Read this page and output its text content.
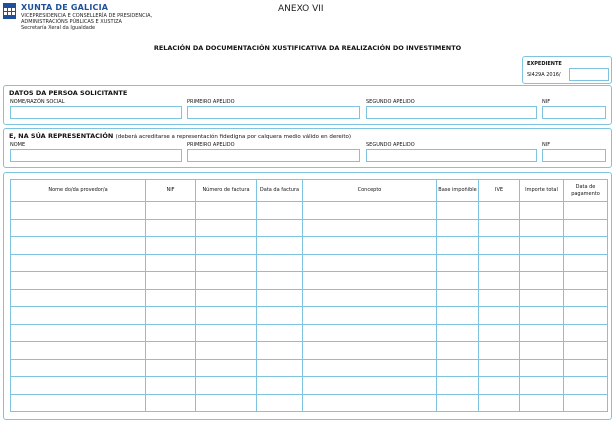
XUNTA DE GALICIA
VICEPRESIDENCIA E CONSELLERÍA DE PRESIDENCIA,
ADMINISTRACIÓNS PÚBLICAS E XUSTIZA
Secretaría Xeral da Igualdade
ANEXO VII
RELACIÓN DA DOCUMENTACIÓN XUSTIFICATIVA DA REALIZACIÓN DO INVESTIMENTO
EXPEDIENTE
SI429A 2016/
DATOS DA PERSOA SOLICITANTE
NOME/RAZÓN SOCIAL	PRIMEIRO APELIDO	SEGUNDO APELIDO	NIF
E, NA SÚA REPRESENTACIÓN (deberá acreditarse a representación fidedigna por calquera medio válido en dereito)
NOME	PRIMEIRO APELIDO	SEGUNDO APELIDO	NIF
Nome do/da provedor/a	NIF	Número de factura	Data da factura	Concepto	Base impoñible	IVE	Importe total	Data de pagamento
